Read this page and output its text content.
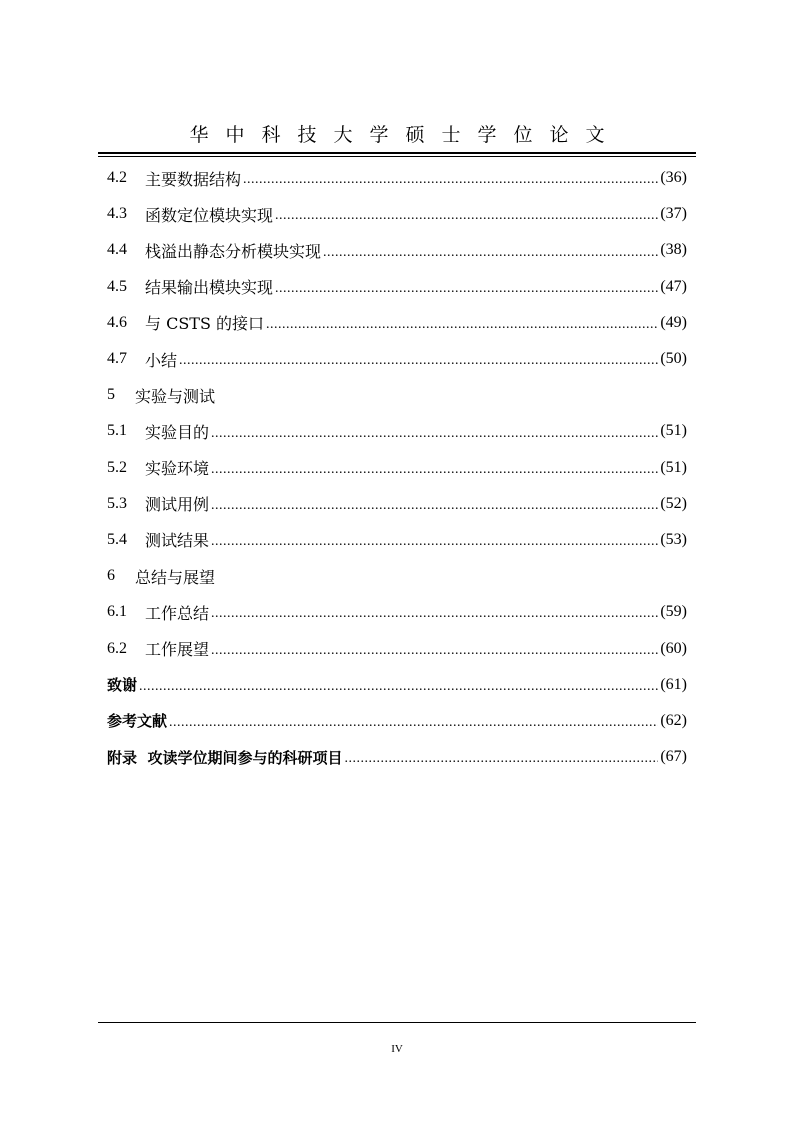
华中科技大学硕士学位论文
4.2	主要数据结构 .....	(36)
4.3	函数定位模块实现 .....	(37)
4.4	栈溢出静态分析模块实现 .....	(38)
4.5	结果输出模块实现 .....	(47)
4.6	与 CSTS 的接口 .....	(49)
4.7	小结 .....	(50)
5	实验与测试
5.1	实验目的 .....	(51)
5.2	实验环境 .....	(51)
5.3	测试用例 .....	(52)
5.4	测试结果 .....	(53)
6	总结与展望
6.1	工作总结 .....	(59)
6.2	工作展望 .....	(60)
致谢 .....	(61)
参考文献 .....	(62)
附录  攻读学位期间参与的科研项目 .....	(67)
IV
